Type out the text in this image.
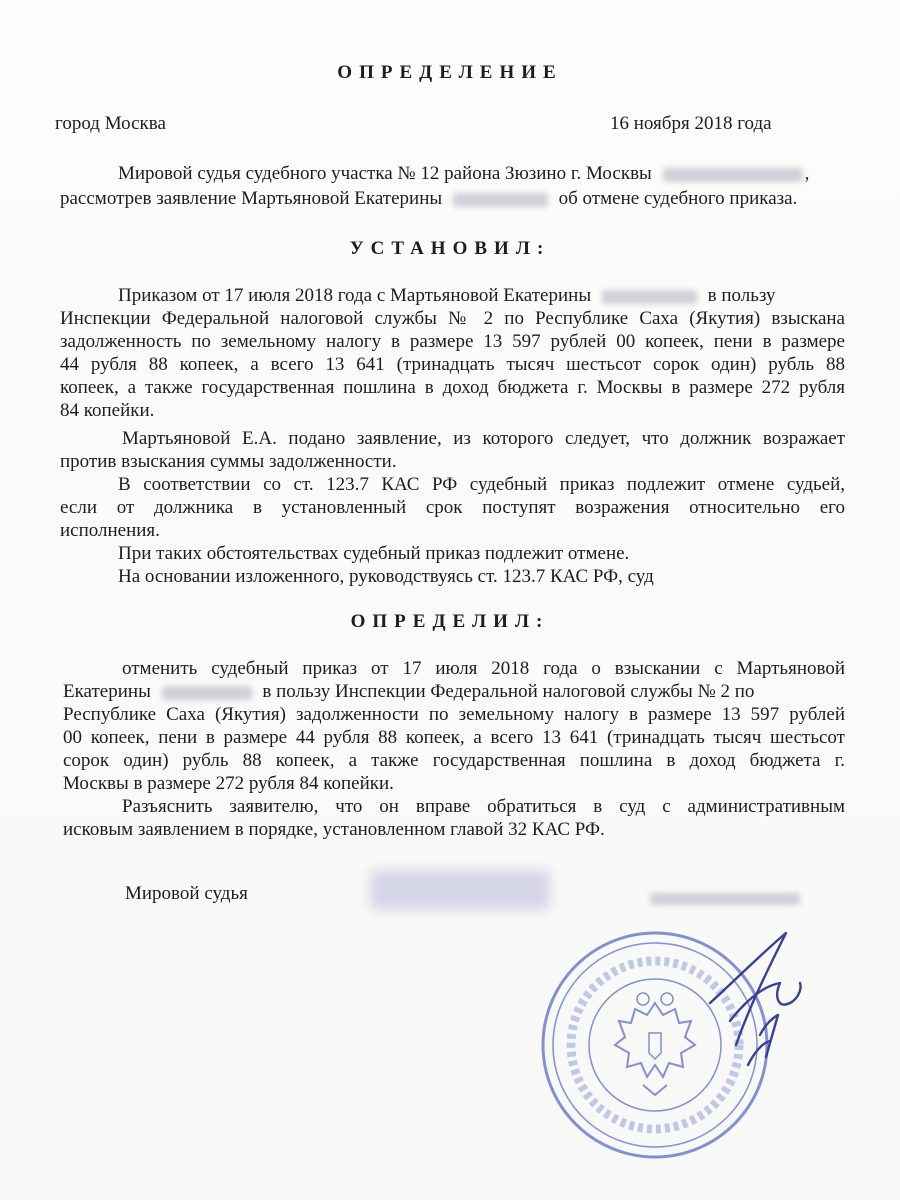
ОПРЕДЕЛЕНИЕ
город Москва	16 ноября 2018 года
Мировой судья судебного участка № 12 района Зюзино г. Москвы	,
рассмотрев заявление Мартьяновой Екатерины	об отмене судебного приказа.
УСТАНОВИЛ:
Приказом от 17 июля 2018 года с Мартьяновой Екатерины	в пользу
Инспекции Федеральной налоговой службы № 2 по Республике Саха (Якутия) взыскана
задолженность по земельному налогу в размере 13 597 рублей 00 копеек, пени в размере
44 рубля 88 копеек, а всего 13 641 (тринадцать тысяч шестьсот сорок один) рубль 88
копеек, а также государственная пошлина в доход бюджета г. Москвы в размере 272 рубля
84 копейки.
Мартьяновой Е.А. подано заявление, из которого следует, что должник возражает
против взыскания суммы задолженности.
В соответствии со ст. 123.7 КАС РФ судебный приказ подлежит отмене судьей,
если от должника в установленный срок поступят возражения относительно его
исполнения.
При таких обстоятельствах судебный приказ подлежит отмене.
На основании изложенного, руководствуясь ст. 123.7 КАС РФ, суд
ОПРЕДЕЛИЛ:
отменить судебный приказ от 17 июля 2018 года о взыскании с Мартьяновой
Екатерины	в пользу Инспекции Федеральной налоговой службы № 2 по
Республике Саха (Якутия) задолженности по земельному налогу в размере 13 597 рублей
00 копеек, пени в размере 44 рубля 88 копеек, а всего 13 641 (тринадцать тысяч шестьсот
сорок один) рубль 88 копеек, а также государственная пошлина в доход бюджета г.
Москвы в размере 272 рубля 84 копейки.
Разъяснить заявителю, что он вправе обратиться в суд с административным
исковым заявлением в порядке, установленном главой 32 КАС РФ.
Мировой судья
